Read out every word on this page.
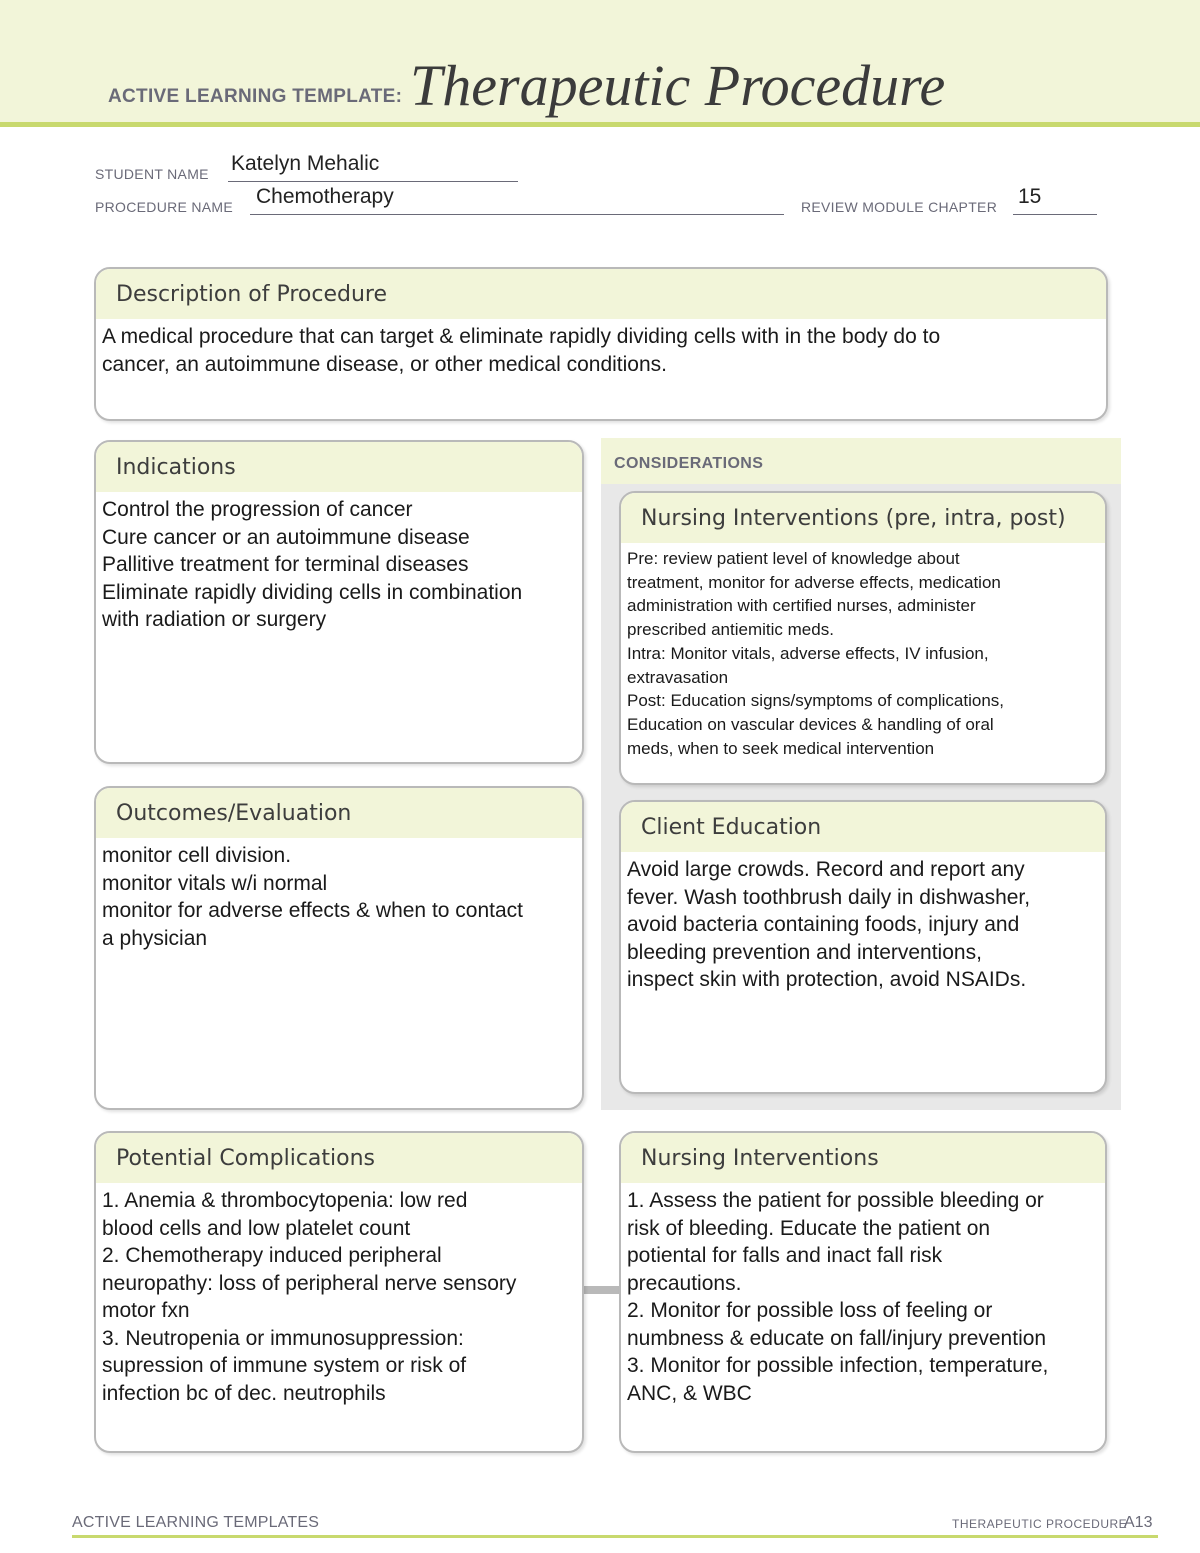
ACTIVE LEARNING TEMPLATE: Therapeutic Procedure
STUDENT NAME Katelyn Mehalic
PROCEDURE NAME Chemotherapy	REVIEW MODULE CHAPTER 15
Description of Procedure
A medical procedure that can target & eliminate rapidly dividing cells with in the body do to
cancer, an autoimmune disease, or other medical conditions.
Indications
Control the progression of cancer
Cure cancer or an autoimmune disease
Pallitive treatment for terminal diseases
Eliminate rapidly dividing cells in combination
with radiation or surgery
CONSIDERATIONS
Nursing Interventions (pre, intra, post)
Pre: review patient level of knowledge about
treatment, monitor for adverse effects, medication
administration with certified nurses, administer
prescribed antiemitic meds.
Intra: Monitor vitals, adverse effects, IV infusion,
extravasation
Post: Education signs/symptoms of complications,
Education on vascular devices & handling of oral
meds, when to seek medical intervention
Outcomes/Evaluation
monitor cell division.
monitor vitals w/i normal
monitor for adverse effects & when to contact
a physician
Client Education
Avoid large crowds. Record and report any
fever. Wash toothbrush daily in dishwasher,
avoid bacteria containing foods, injury and
bleeding prevention and interventions,
inspect skin with protection, avoid NSAIDs.
Potential Complications
1. Anemia & thrombocytopenia: low red
blood cells and low platelet count
2. Chemotherapy induced peripheral
neuropathy: loss of peripheral nerve sensory
motor fxn
3. Neutropenia or immunosuppression:
supression of immune system or risk of
infection bc of dec. neutrophils
Nursing Interventions
1. Assess the patient for possible bleeding or
risk of bleeding. Educate the patient on
potiental for falls and inact fall risk
precautions.
2. Monitor for possible loss of feeling or
numbness & educate on fall/injury prevention
3. Monitor for possible infection, temperature,
ANC, & WBC
ACTIVE LEARNING TEMPLATES	THERAPEUTIC PROCEDURE
A13
